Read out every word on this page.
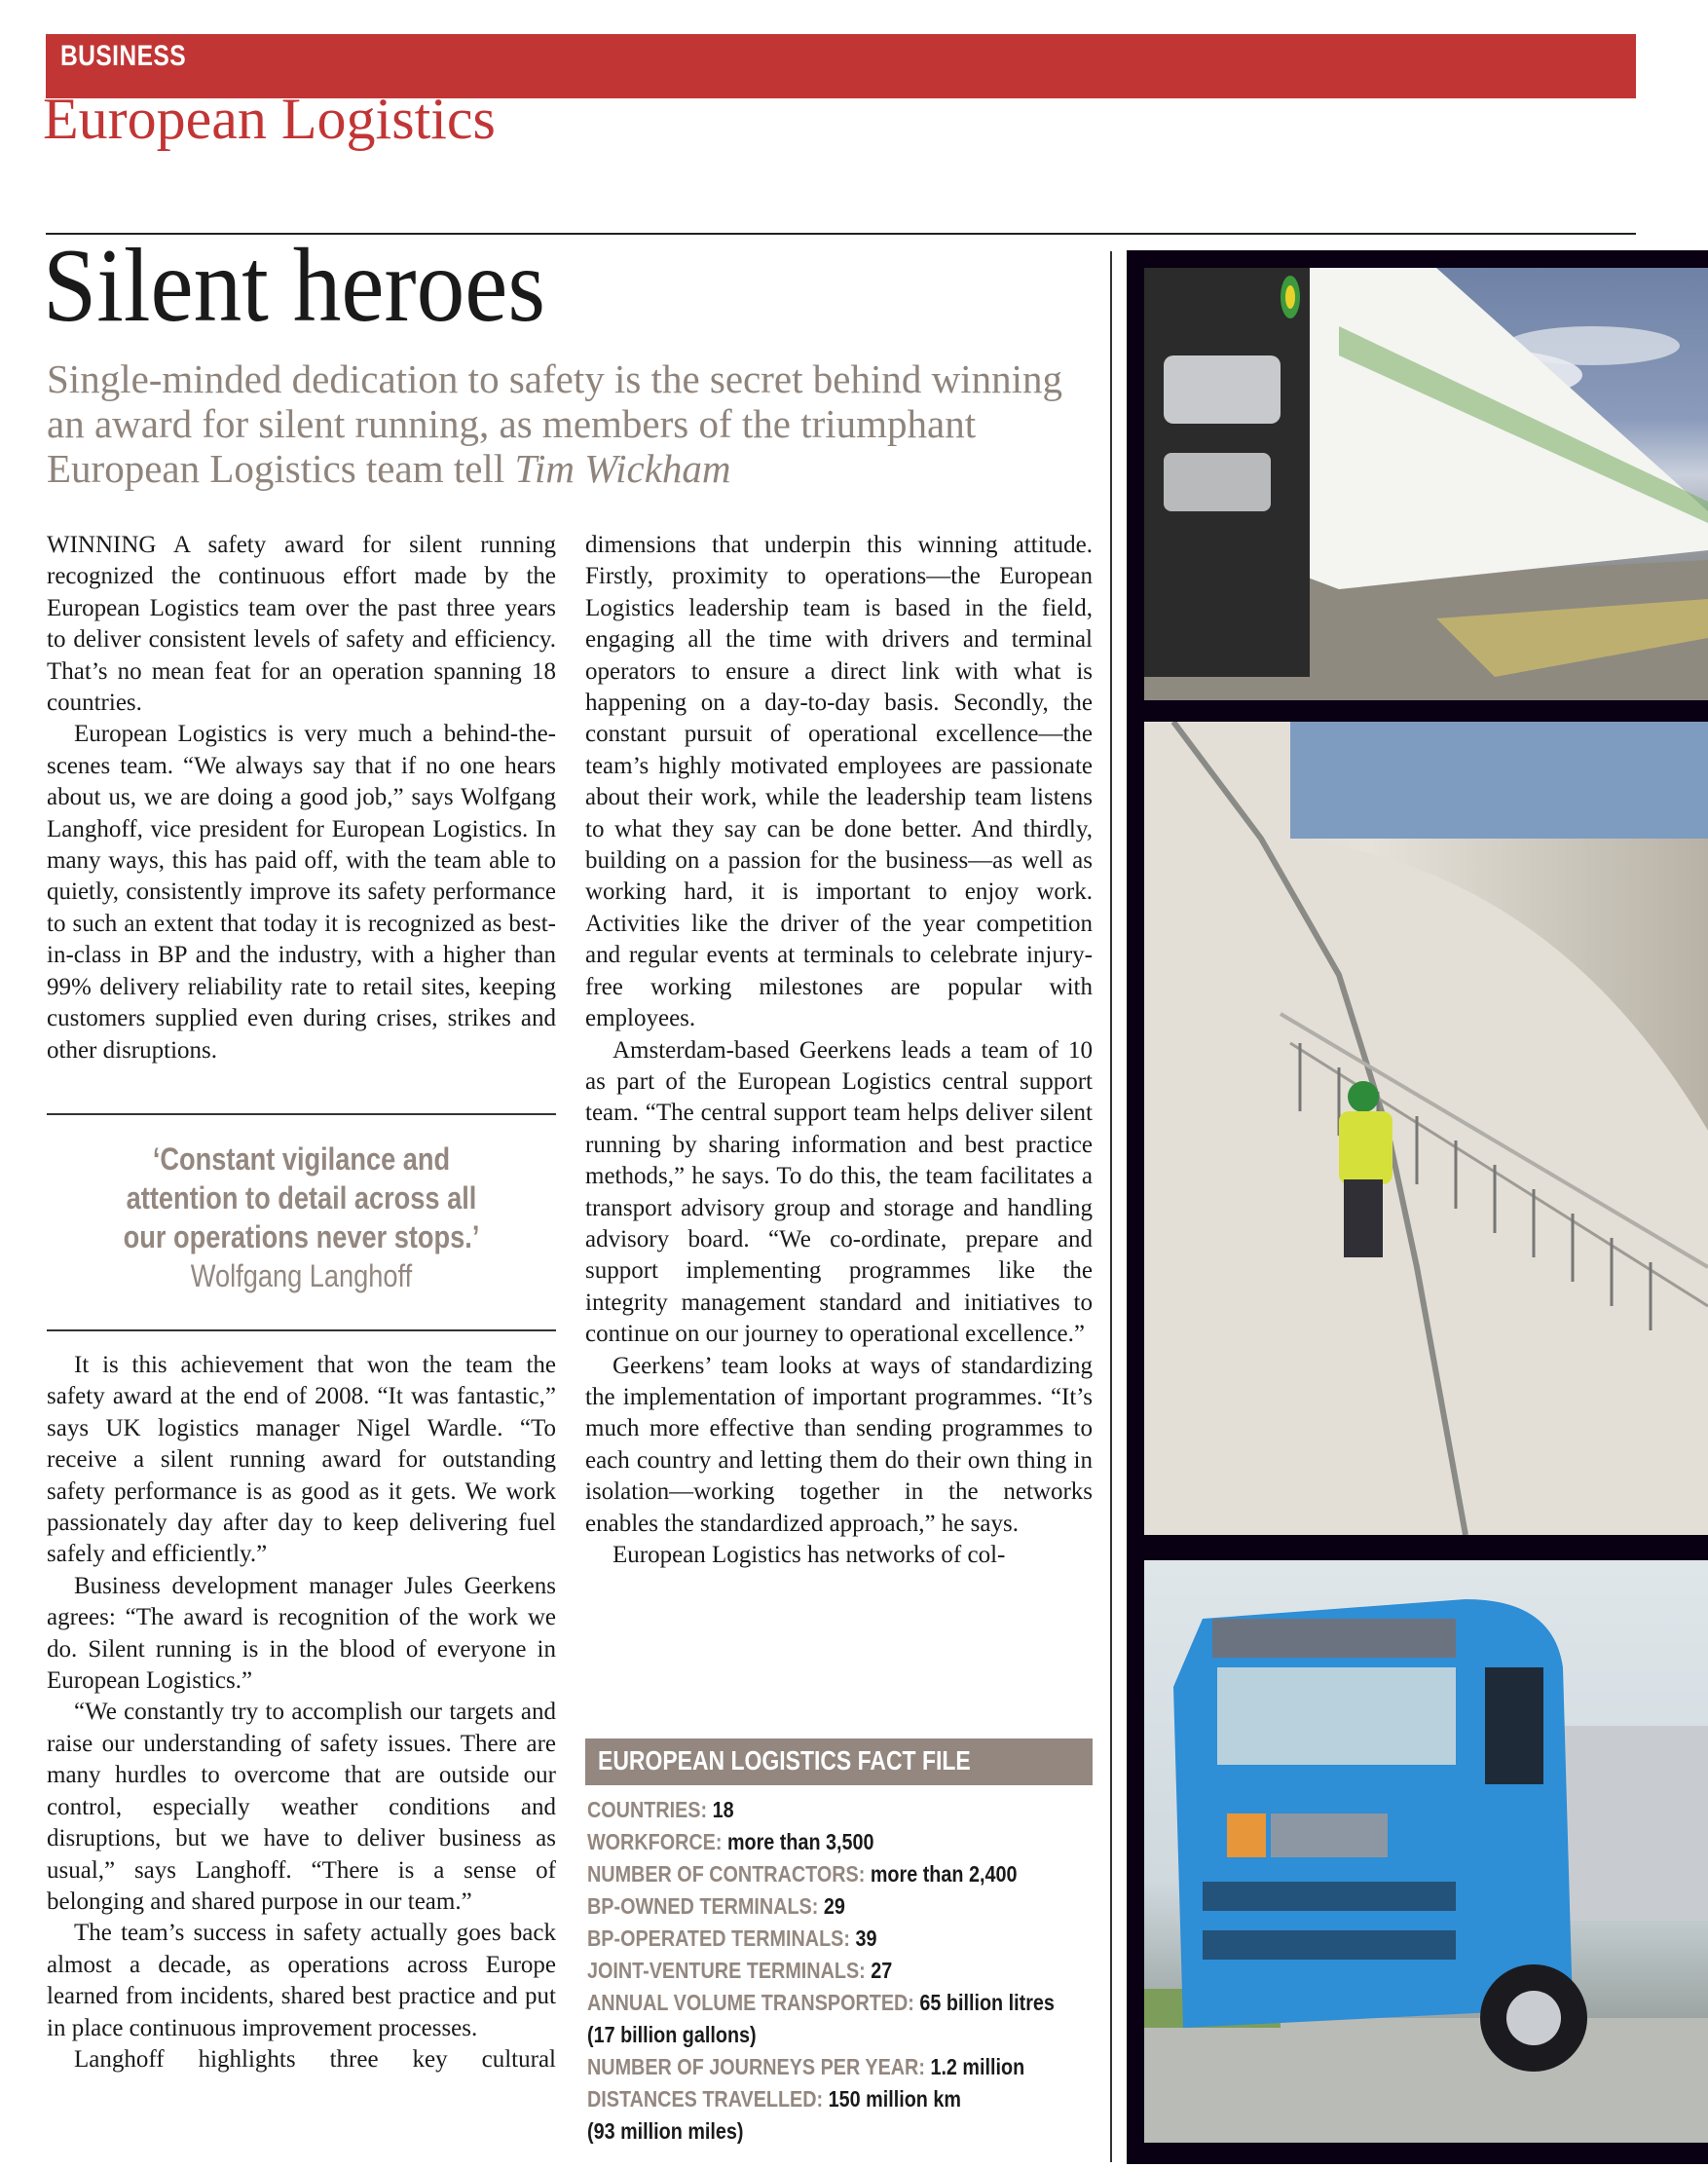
BUSINESS
European Logistics
Silent heroes
Single-minded dedication to safety is the secret behind winning an award for silent running, as members of the triumphant European Logistics team tell Tim Wickham

WINNING A safety award for silent running recognized the continuous effort made by the European Logistics team over the past three years to deliver consistent levels of safety and efficiency. That’s no mean feat for an operation spanning 18 countries.

European Logistics is very much a behind-the-scenes team. “We always say that if no one hears about us, we are doing a good job,” says Wolfgang Langhoff, vice president for European Logistics. In many ways, this has paid off, with the team able to quietly, consistently improve its safety performance to such an extent that today it is recognized as best-in-class in BP and the industry, with a higher than 99% delivery reliability rate to retail sites, keeping customers supplied even during crises, strikes and other disruptions.

‘Constant vigilance and attention to detail across all our operations never stops.’
Wolfgang Langhoff

It is this achievement that won the team the safety award at the end of 2008. “It was fantastic,” says UK logistics manager Nigel Wardle. “To receive a silent running award for outstanding safety performance is as good as it gets. We work passionately day after day to keep delivering fuel safely and efficiently.”

Business development manager Jules Geerkens agrees: “The award is recognition of the work we do. Silent running is in the blood of everyone in European Logistics.”

“We constantly try to accomplish our targets and raise our understanding of safety issues. There are many hurdles to overcome that are outside our control, especially weather conditions and disruptions, but we have to deliver business as usual,” says Langhoff. “There is a sense of belonging and shared purpose in our team.”

The team’s success in safety actually goes back almost a decade, as operations across Europe learned from incidents, shared best practice and put in place continuous improvement processes.

Langhoff highlights three key cultural

dimensions that underpin this winning attitude. Firstly, proximity to operations—the European Logistics leadership team is based in the field, engaging all the time with drivers and terminal operators to ensure a direct link with what is happening on a day-to-day basis. Secondly, the constant pursuit of operational excellence—the team’s highly motivated employees are passionate about their work, while the leadership team listens to what they say can be done better. And thirdly, building on a passion for the business—as well as working hard, it is important to enjoy work. Activities like the driver of the year competition and regular events at terminals to celebrate injury-free working milestones are popular with employees.

Amsterdam-based Geerkens leads a team of 10 as part of the European Logistics central support team. “The central support team helps deliver silent running by sharing information and best practice methods,” he says. To do this, the team facilitates a transport advisory group and storage and handling advisory board. “We co-ordinate, prepare and support implementing programmes like the integrity management standard and initiatives to continue on our journey to operational excellence.”

Geerkens’ team looks at ways of standardizing the implementation of important programmes. “It’s much more effective than sending programmes to each country and letting them do their own thing in isolation—working together in the networks enables the standardized approach,” he says.

European Logistics has networks of col-

EUROPEAN LOGISTICS FACT FILE
COUNTRIES: 18
WORKFORCE: more than 3,500
NUMBER OF CONTRACTORS: more than 2,400
BP-OWNED TERMINALS: 29
BP-OPERATED TERMINALS: 39
JOINT-VENTURE TERMINALS: 27
ANNUAL VOLUME TRANSPORTED: 65 billion litres
(17 billion gallons)
NUMBER OF JOURNEYS PER YEAR: 1.2 million
DISTANCES TRAVELLED: 150 million km
(93 million miles)
